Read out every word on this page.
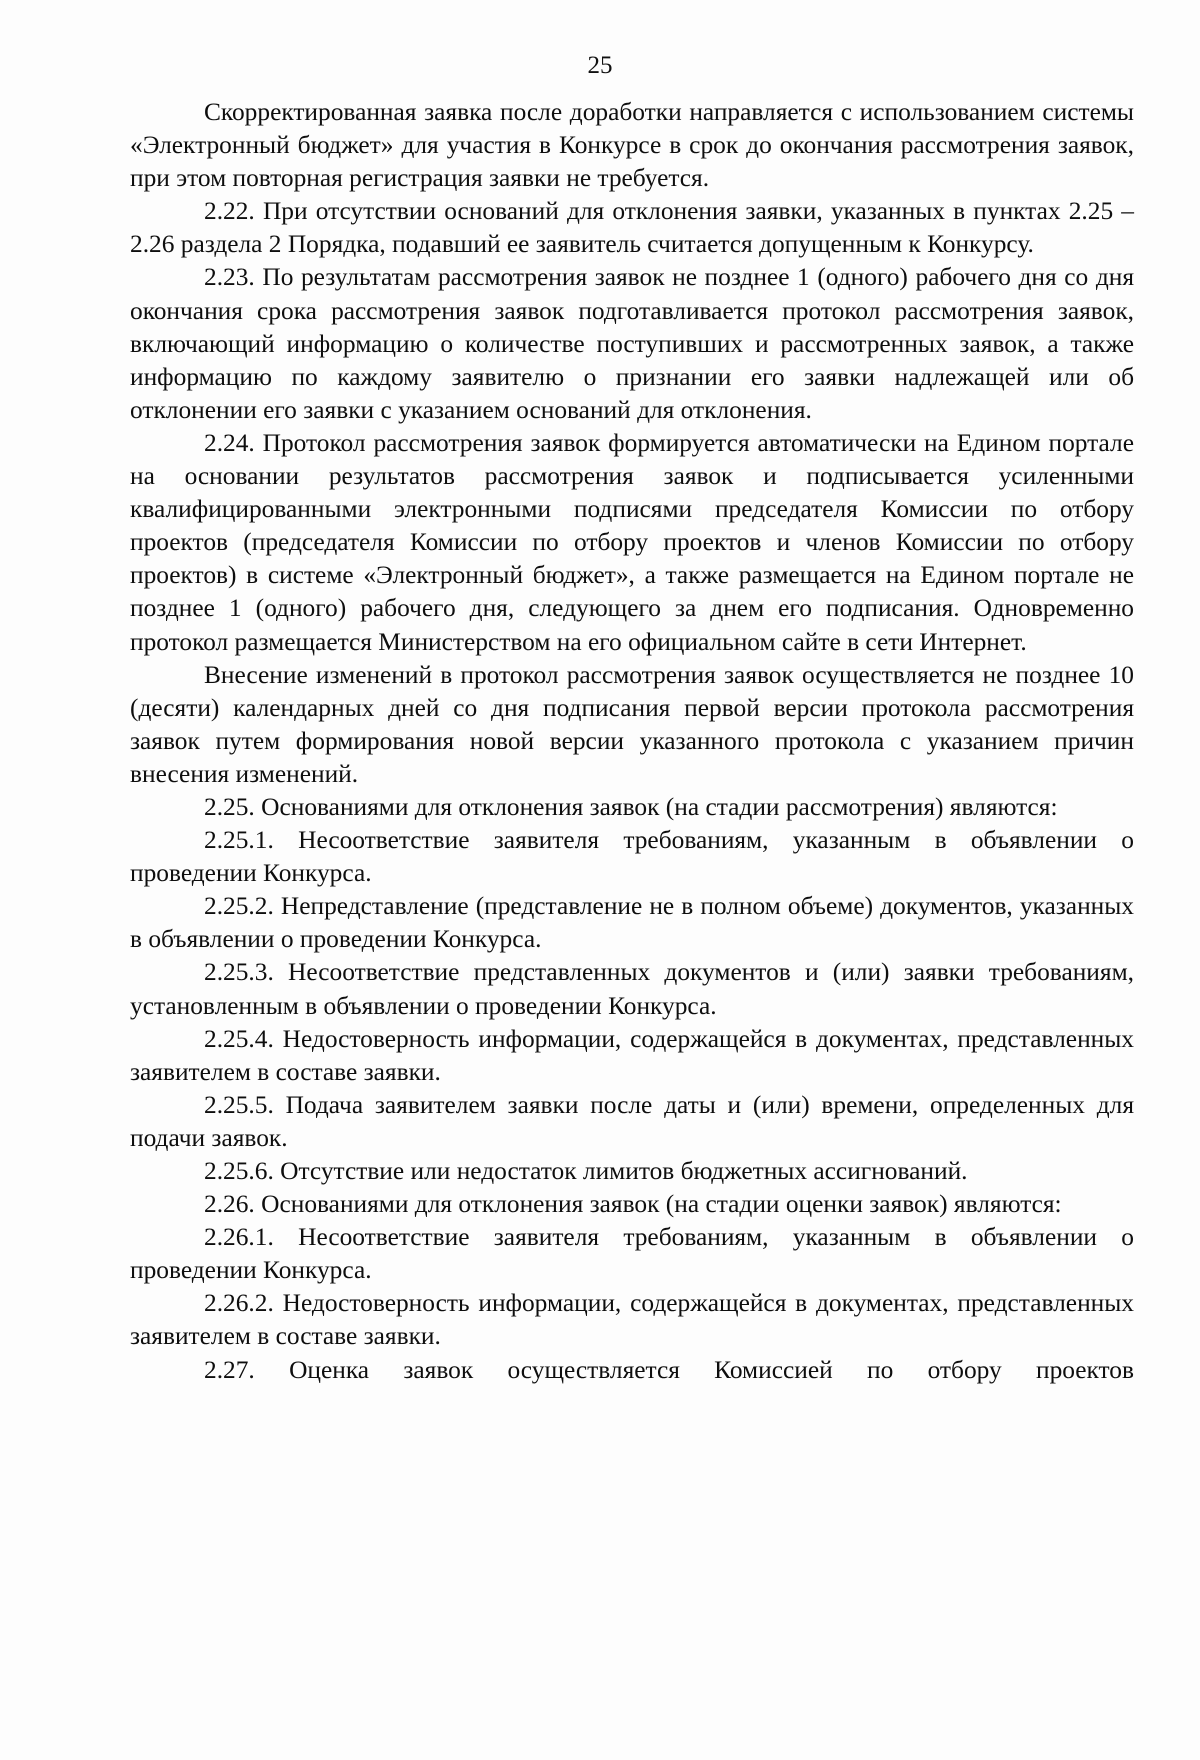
25

Скорректированная заявка после доработки направляется с использованием системы «Электронный бюджет» для участия в Конкурсе в срок до окончания рассмотрения заявок, при этом повторная регистрация заявки не требуется.

2.22. При отсутствии оснований для отклонения заявки, указанных в пунктах 2.25 – 2.26 раздела 2 Порядка, подавший ее заявитель считается допущенным к Конкурсу.

2.23. По результатам рассмотрения заявок не позднее 1 (одного) рабочего дня со дня окончания срока рассмотрения заявок подготавливается протокол рассмотрения заявок, включающий информацию о количестве поступивших и рассмотренных заявок, а также информацию по каждому заявителю о признании его заявки надлежащей или об отклонении его заявки с указанием оснований для отклонения.

2.24. Протокол рассмотрения заявок формируется автоматически на Едином портале на основании результатов рассмотрения заявок и подписывается усиленными квалифицированными электронными подписями председателя Комиссии по отбору проектов (председателя Комиссии по отбору проектов и членов Комиссии по отбору проектов) в системе «Электронный бюджет», а также размещается на Едином портале не позднее 1 (одного) рабочего дня, следующего за днем его подписания. Одновременно протокол размещается Министерством на его официальном сайте в сети Интернет.

Внесение изменений в протокол рассмотрения заявок осуществляется не позднее 10 (десяти) календарных дней со дня подписания первой версии протокола рассмотрения заявок путем формирования новой версии указанного протокола с указанием причин внесения изменений.

2.25. Основаниями для отклонения заявок (на стадии рассмотрения) являются:

2.25.1. Несоответствие заявителя требованиям, указанным в объявлении о проведении Конкурса.

2.25.2. Непредставление (представление не в полном объеме) документов, указанных в объявлении о проведении Конкурса.

2.25.3. Несоответствие представленных документов и (или) заявки требованиям, установленным в объявлении о проведении Конкурса.

2.25.4. Недостоверность информации, содержащейся в документах, представленных заявителем в составе заявки.

2.25.5. Подача заявителем заявки после даты и (или) времени, определенных для подачи заявок.

2.25.6. Отсутствие или недостаток лимитов бюджетных ассигнований.

2.26. Основаниями для отклонения заявок (на стадии оценки заявок) являются:

2.26.1. Несоответствие заявителя требованиям, указанным в объявлении о проведении Конкурса.

2.26.2. Недостоверность информации, содержащейся в документах, представленных заявителем в составе заявки.

2.27. Оценка заявок осуществляется Комиссией по отбору проектов
